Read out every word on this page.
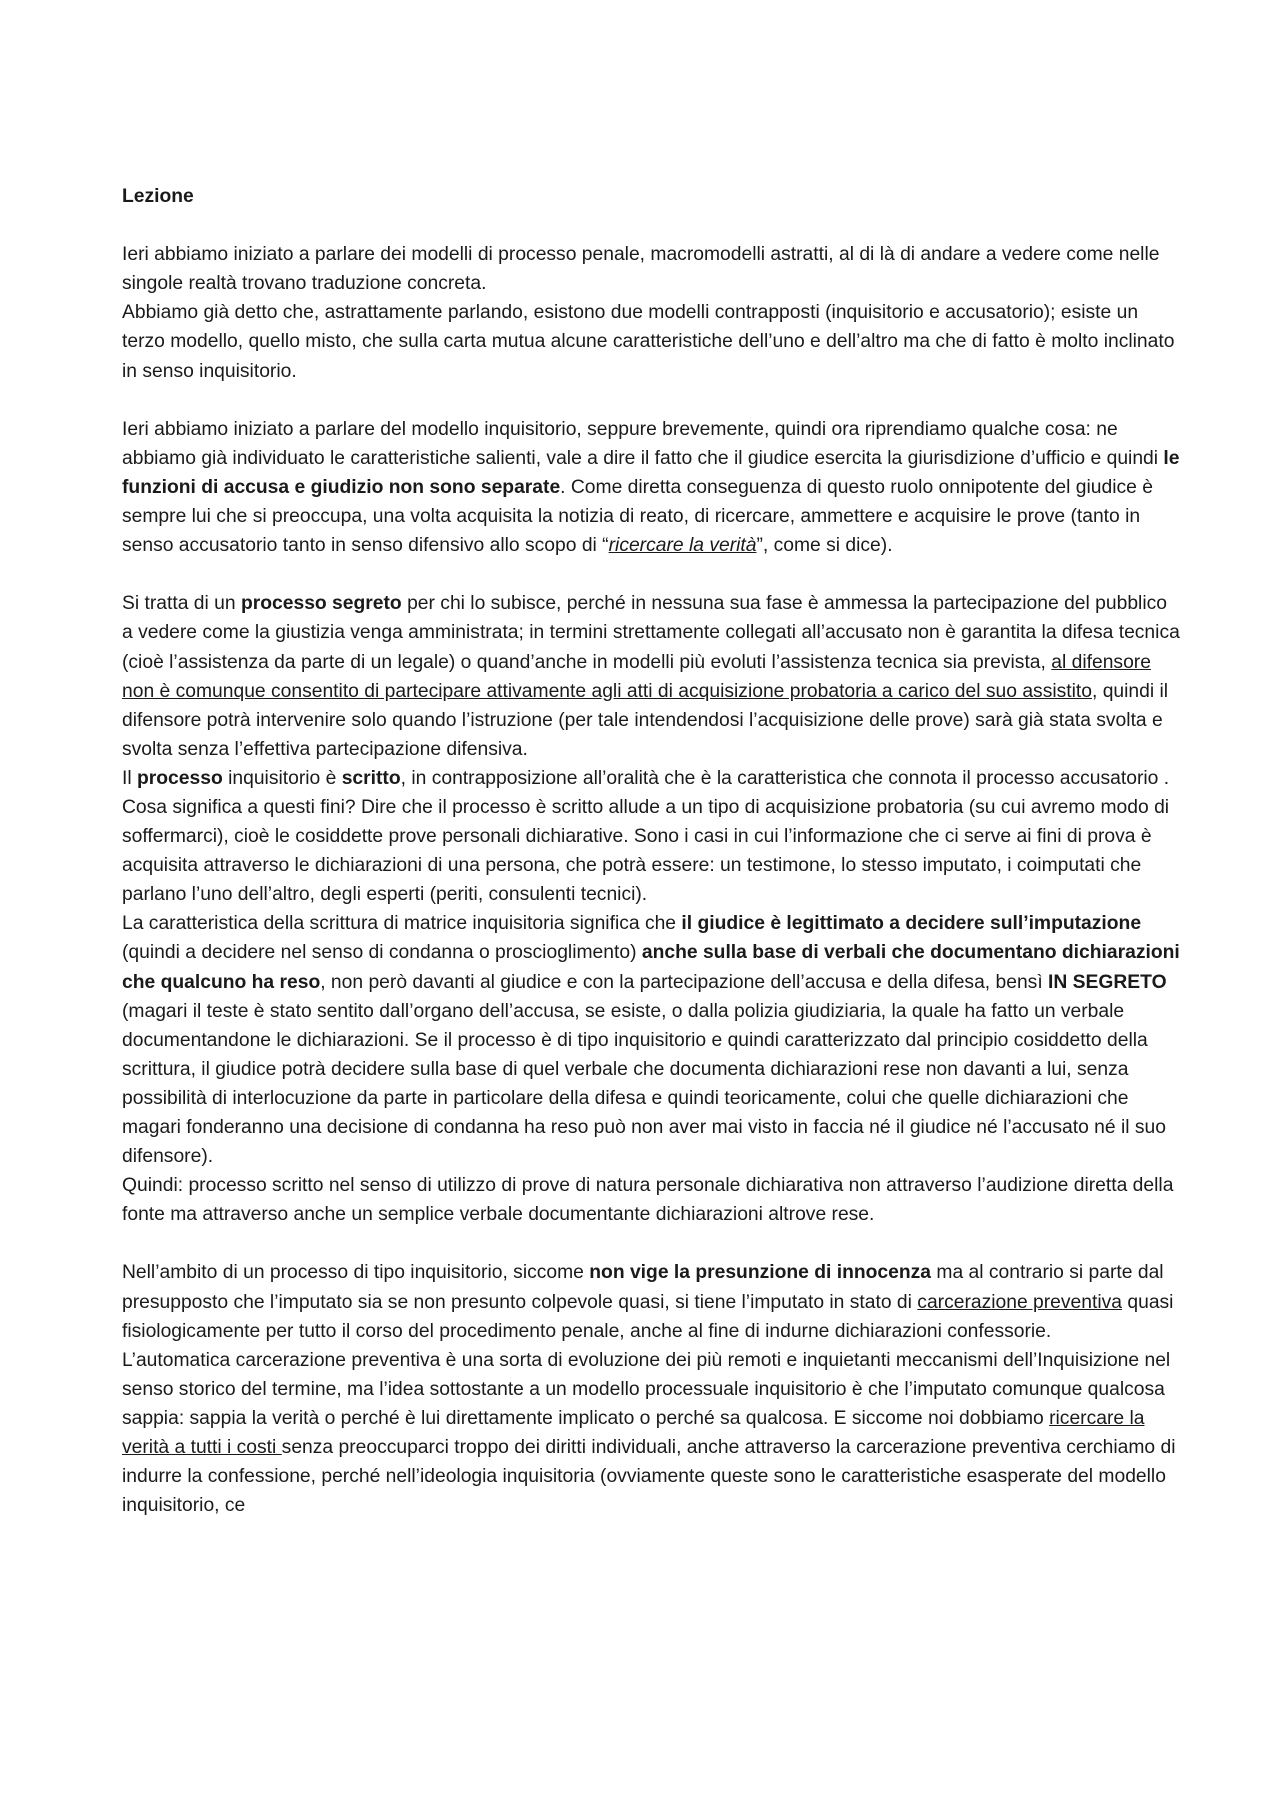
Lezione

Ieri abbiamo iniziato a parlare dei modelli di processo penale, macromodelli astratti, al di là di andare a vedere come nelle singole realtà trovano traduzione concreta.

Abbiamo già detto che, astrattamente parlando, esistono due modelli contrapposti (inquisitorio e accusatorio); esiste un terzo modello, quello misto, che sulla carta mutua alcune caratteristiche dell’uno e dell’altro ma che di fatto è molto inclinato in senso inquisitorio.

Ieri abbiamo iniziato a parlare del modello inquisitorio, seppure brevemente, quindi ora riprendiamo qualche cosa: ne abbiamo già individuato le caratteristiche salienti, vale a dire il fatto che il giudice esercita la giurisdizione d’ufficio e quindi le funzioni di accusa e giudizio non sono separate. Come diretta conseguenza di questo ruolo onnipotente del giudice è sempre lui che si preoccupa, una volta acquisita la notizia di reato, di ricercare, ammettere e acquisire le prove (tanto in senso accusatorio tanto in senso difensivo allo scopo di “ricercare la verità”, come si dice).

Si tratta di un processo segreto per chi lo subisce, perché in nessuna sua fase è ammessa la partecipazione del pubblico a vedere come la giustizia venga amministrata; in termini strettamente collegati all’accusato non è garantita la difesa tecnica (cioè l’assistenza da parte di un legale) o quand’anche in modelli più evoluti l’assistenza tecnica sia prevista, al difensore non è comunque consentito di partecipare attivamente agli atti di acquisizione probatoria a carico del suo assistito, quindi il difensore potrà intervenire solo quando l’istruzione (per tale intendendosi l’acquisizione delle prove) sarà già stata svolta e svolta senza l’effettiva partecipazione difensiva.

Il processo inquisitorio è scritto, in contrapposizione all’oralità che è la caratteristica che connota il processo accusatorio . Cosa significa a questi fini? Dire che il processo è scritto allude a un tipo di acquisizione probatoria (su cui avremo modo di soffermarci), cioè le cosiddette prove personali dichiarative. Sono i casi in cui l’informazione che ci serve ai fini di prova è acquisita attraverso le dichiarazioni di una persona, che potrà essere: un testimone, lo stesso imputato, i coimputati che parlano l’uno dell’altro, degli esperti (periti, consulenti tecnici).

La caratteristica della scrittura di matrice inquisitoria significa che il giudice è legittimato a decidere sull’imputazione (quindi a decidere nel senso di condanna o proscioglimento) anche sulla base di verbali che documentano dichiarazioni che qualcuno ha reso, non però davanti al giudice e con la partecipazione dell’accusa e della difesa, bensì IN SEGRETO (magari il teste è stato sentito dall’organo dell’accusa, se esiste, o dalla polizia giudiziaria, la quale ha fatto un verbale documentandone le dichiarazioni. Se il processo è di tipo inquisitorio e quindi caratterizzato dal principio cosiddetto della scrittura, il giudice potrà decidere sulla base di quel verbale che documenta dichiarazioni rese non davanti a lui, senza possibilità di interlocuzione da parte in particolare della difesa e quindi teoricamente, colui che quelle dichiarazioni che magari fonderanno una decisione di condanna ha reso può non aver mai visto in faccia né il giudice né l’accusato né il suo difensore).

Quindi: processo scritto nel senso di utilizzo di prove di natura personale dichiarativa non attraverso l’audizione diretta della fonte ma attraverso anche un semplice verbale documentante dichiarazioni altrove rese.

Nell’ambito di un processo di tipo inquisitorio, siccome non vige la presunzione di innocenza ma al contrario si parte dal presupposto che l’imputato sia se non presunto colpevole quasi, si tiene l’imputato in stato di carcerazione preventiva quasi fisiologicamente per tutto il corso del procedimento penale, anche al fine di indurne dichiarazioni confessorie.

L’automatica carcerazione preventiva è una sorta di evoluzione dei più remoti e inquietanti meccanismi dell’Inquisizione nel senso storico del termine, ma l’idea sottostante a un modello processuale inquisitorio è che l’imputato comunque qualcosa sappia: sappia la verità o perché è lui direttamente implicato o perché sa qualcosa. E siccome noi dobbiamo ricercare la verità a tutti i costi senza preoccuparci troppo dei diritti individuali, anche attraverso la carcerazione preventiva cerchiamo di indurre la confessione, perché nell’ideologia inquisitoria (ovviamente queste sono le caratteristiche esasperate del modello inquisitorio, ce
